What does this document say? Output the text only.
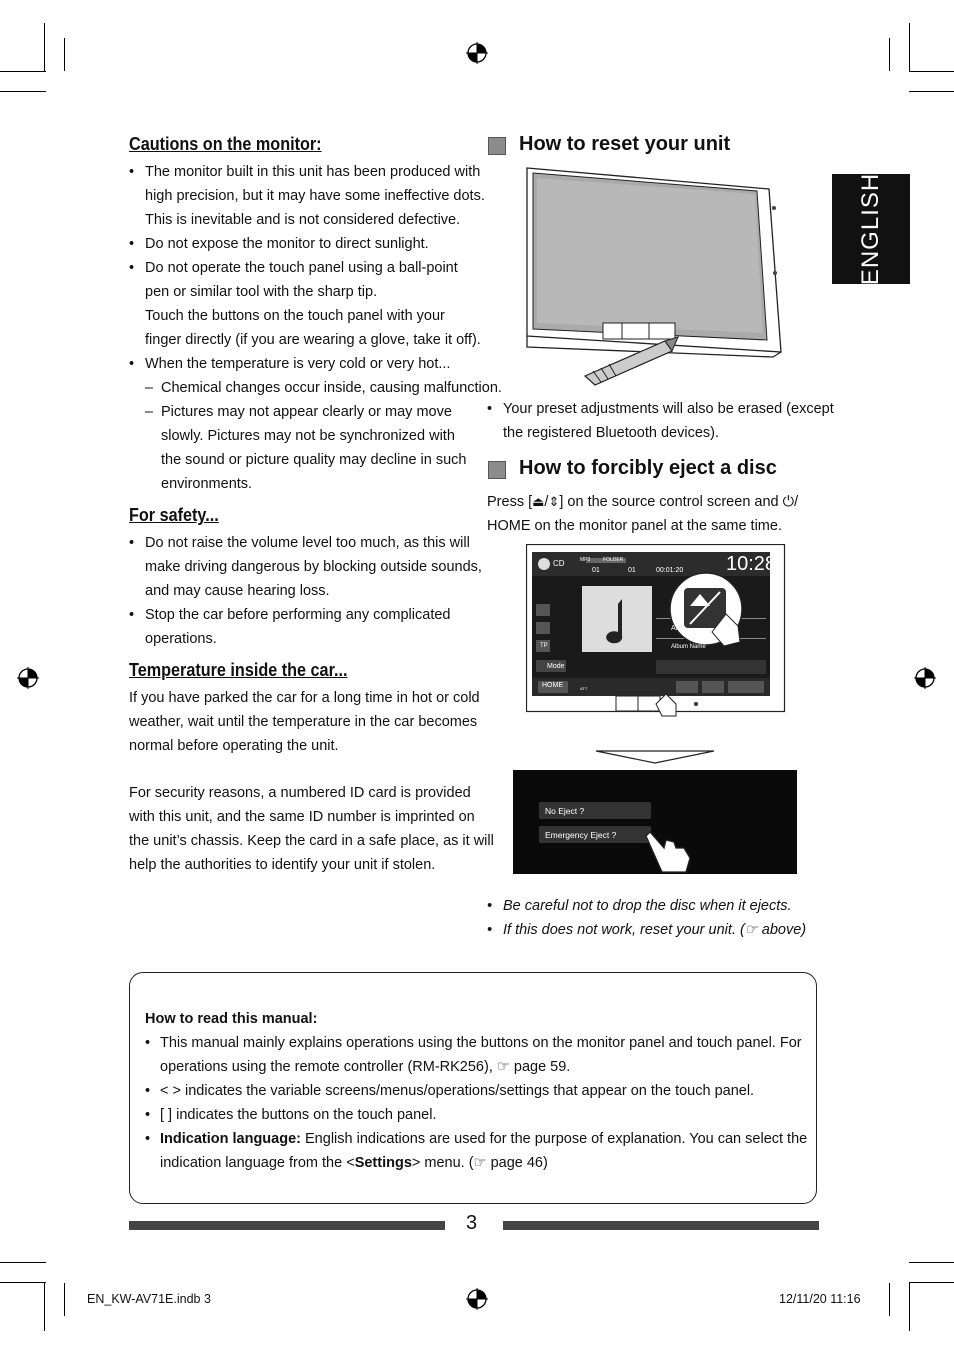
ENGLISH
Cautions on the monitor:
• The monitor built in this unit has been produced with
high precision, but it may have some ineffective dots.
This is inevitable and is not considered defective.
• Do not expose the monitor to direct sunlight.
• Do not operate the touch panel using a ball-point
pen or similar tool with the sharp tip.
Touch the buttons on the touch panel with your
finger directly (if you are wearing a glove, take it off).
• When the temperature is very cold or very hot...
– Chemical changes occur inside, causing malfunction.
– Pictures may not appear clearly or may move
slowly. Pictures may not be synchronized with
the sound or picture quality may decline in such
environments.
For safety...
• Do not raise the volume level too much, as this will
make driving dangerous by blocking outside sounds,
and may cause hearing loss.
• Stop the car before performing any complicated
operations.
Temperature inside the car...
If you have parked the car for a long time in hot or cold
weather, wait until the temperature in the car becomes
normal before operating the unit.
For security reasons, a numbered ID card is provided
with this unit, and the same ID number is imprinted on
the unit’s chassis. Keep the card in a safe place, as it will
help the authorities to identify your unit if stolen.
How to reset your unit
• Your preset adjustments will also be erased (except
the registered Bluetooth devices).
How to forcibly eject a disc
Press [⏏/⇕] on the source control screen and ⏻/
HOME on the monitor panel at the same time.
CD	MP3	FOLDER
01	01	00:01:20 10:28
Ar
Album Name
TP
Mode
HOME	ATT
No Eject ?
Emergency Eject ?
• Be careful not to drop the disc when it ejects.
• If this does not work, reset your unit. (☞ above)
How to read this manual:
• This manual mainly explains operations using the buttons on the monitor panel and touch panel. For
operations using the remote controller (RM-RK256), ☞ page 59.
• < > indicates the variable screens/menus/operations/settings that appear on the touch panel.
• [ ] indicates the buttons on the touch panel.
• Indication language: English indications are used for the purpose of explanation. You can select the
indication language from the <Settings> menu. (☞ page 46)
3
EN_KW-AV71E.indb 3	12/11/20 11:16
